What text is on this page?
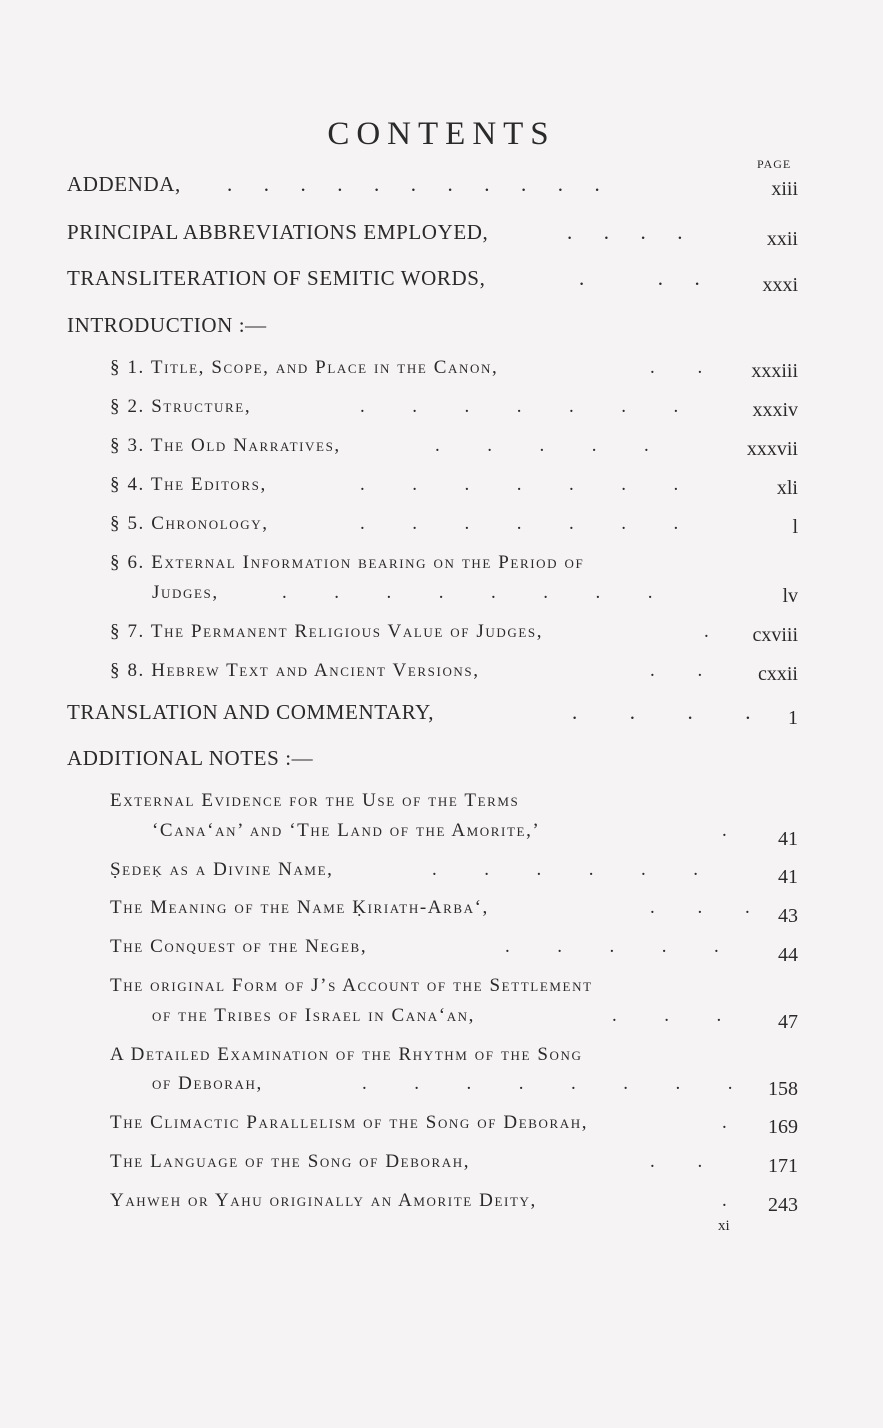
CONTENTS
PAGE
ADDENDA, .      .      .      .      .      .      .      .      .      .      .	xiii
PRINCIPAL ABBREVIATIONS EMPLOYED,	.      .      .      .	xxii
TRANSLITERATION OF SEMITIC WORDS,	.              .      .	xxxi
INTRODUCTION :—
§ 1. Title, Scope, and Place in the Canon,	.         . xxxiii
§ 2. Structure,	.          .          .          .          .          .          .	xxxiv
§ 3. The Old Narratives,	.          .          .          .          .	xxxvii
§ 4. The Editors,	.          .          .          .          .          .          .	xli
§ 5. Chronology,	.          .          .          .          .          .          .	l
§ 6. External Information bearing on the Period of
Judges,	.          .          .          .          .          .          .          .	lv
§ 7. The Permanent Religious Value of Judges,	. cxviii
§ 8. Hebrew Text and Ancient Versions,	.         .	cxxii
TRANSLATION AND COMMENTARY,	.          .          .          . 1
ADDITIONAL NOTES :—
External Evidence for the Use of the Terms
‘Cana‘an’ and ‘The Land of the Amorite,’	.	41
Ṣedeḳ as a Divine Name,	.          .          .          .          .          .	41
The Meaning of the Name Ḳiriath-Arba‘,	.         .         . 43
The Conquest of the Negeb,	.          .          .          .          .	44
The original Form of J’s Account of the Settlement
of the Tribes of Israel in Cana‘an,	.          .          .	47
A Detailed Examination of the Rhythm of the Song
of Deborah,	.          .          .          .          .          .          .          . 158
The Climactic Parallelism of the Song of Deborah,	. 169
The Language of the Song of Deborah,	.         .	171
Yahweh or Yahu originally an Amorite Deity,	. 243
xi
